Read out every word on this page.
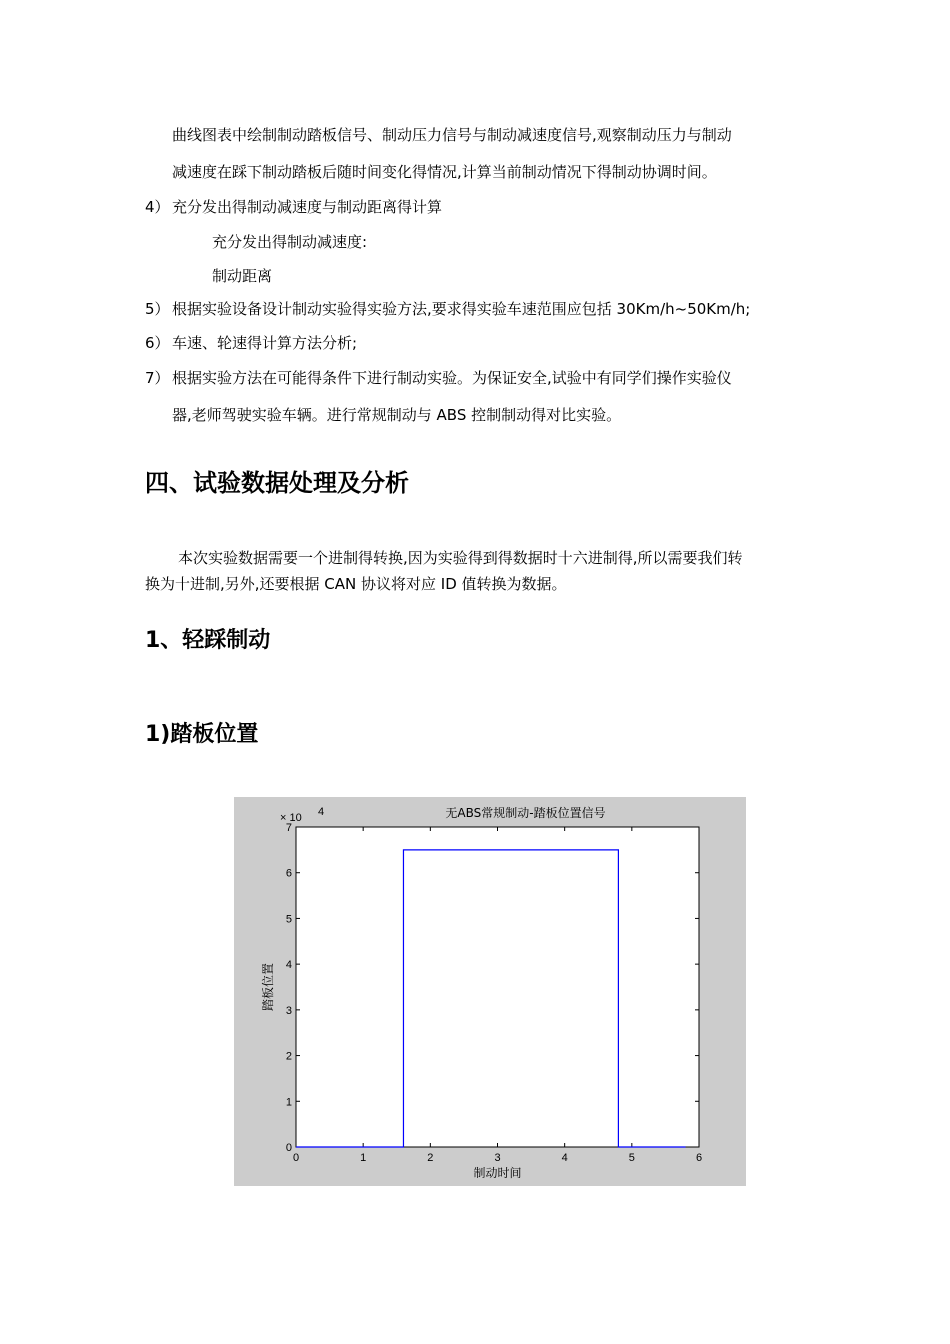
曲线图表中绘制制动踏板信号、制动压力信号与制动减速度信号,观察制动压力与制动
减速度在踩下制动踏板后随时间变化得情况,计算当前制动情况下得制动协调时间。
4） 充分发出得制动减速度与制动距离得计算
充分发出得制动减速度:
制动距离
5） 根据实验设备设计制动实验得实验方法,要求得实验车速范围应包括 30Km/h~50Km/h;
6） 车速、轮速得计算方法分析;
7） 根据实验方法在可能得条件下进行制动实验。为保证安全,试验中有同学们操作实验仪
器,老师驾驶实验车辆。进行常规制动与 ABS 控制制动得对比实验。
四、试验数据处理及分析
本次实验数据需要一个进制得转换,因为实验得到得数据时十六进制得,所以需要我们转
换为十进制,另外,还要根据 CAN 协议将对应 ID 值转换为数据。
1、轻踩制动
1)踏板位置
0	1	2	3	4	5	6
0
1
2
3
4
5
6
7
× 10 4	无ABS常规制动-踏板位置信号
制动时间
踏板位置
